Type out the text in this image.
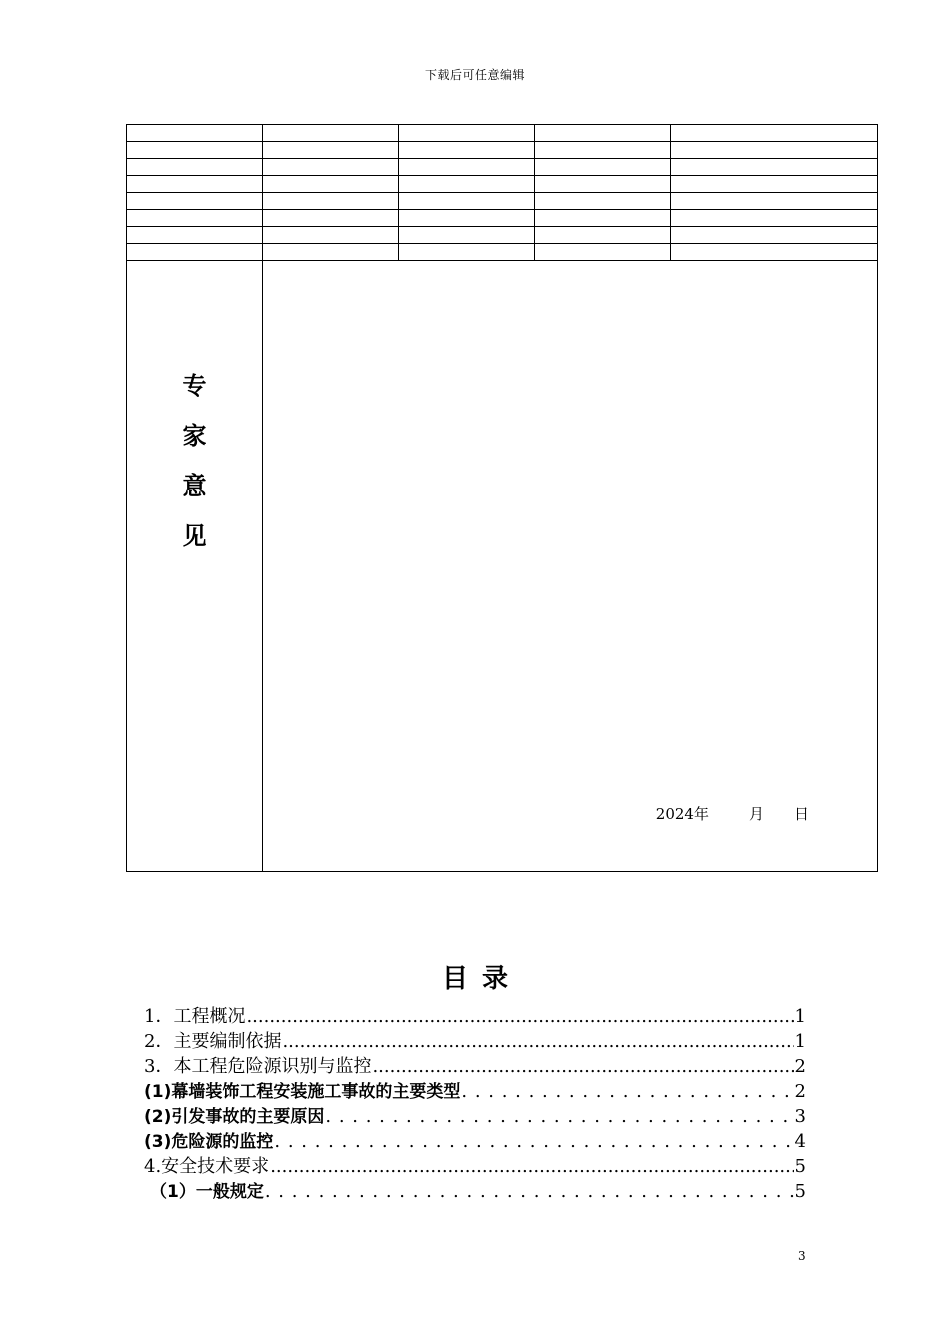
下载后可任意编辑

专
家
意
见	2024年 月 日			
目录
1．工程概况 .....	1
2．主要编制依据 .....	1
3．本工程危险源识别与监控 .....	2
(1)幕墙装饰工程安装施工事故的主要类型 . . .	2
(2)引发事故的主要原因 . . .	3
(3)危险源的监控 . . .	4
4.安全技术要求 .....	5
（1）一般规定 . . .	5
3
